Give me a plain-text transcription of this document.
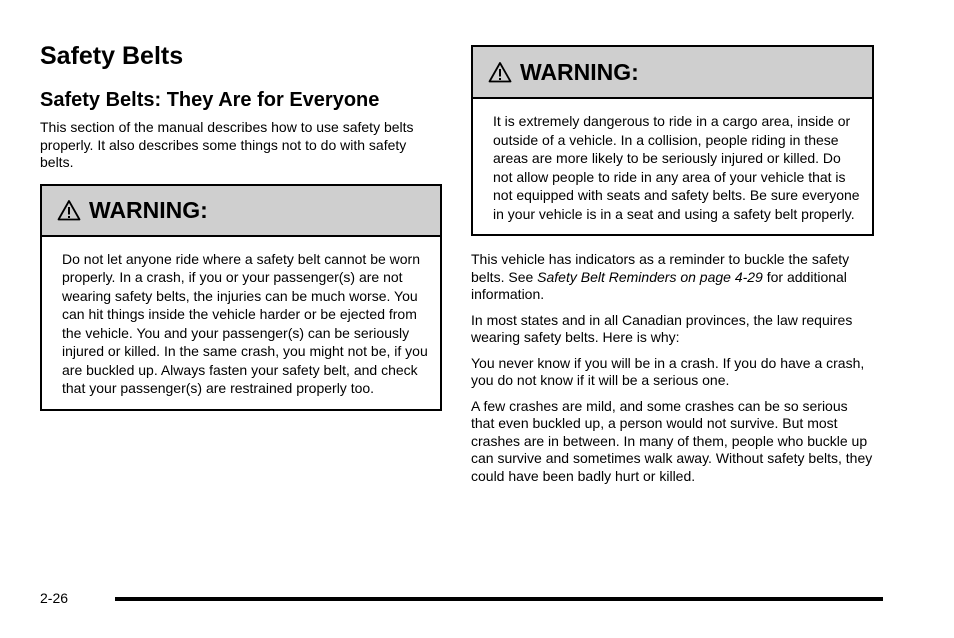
Safety Belts
Safety Belts: They Are for Everyone

This section of the manual describes how to use safety belts properly. It also describes some things not to do with safety belts.

WARNING:
Do not let anyone ride where a safety belt cannot be worn properly. In a crash, if you or your passenger(s) are not wearing safety belts, the injuries can be much worse. You can hit things inside the vehicle harder or be ejected from the vehicle. You and your passenger(s) can be seriously injured or killed. In the same crash, you might not be, if you are buckled up. Always fasten your safety belt, and check that your passenger(s) are restrained properly too.
WARNING:
It is extremely dangerous to ride in a cargo area, inside or outside of a vehicle. In a collision, people riding in these areas are more likely to be seriously injured or killed. Do not allow people to ride in any area of your vehicle that is not equipped with seats and safety belts. Be sure everyone in your vehicle is in a seat and using a safety belt properly.

This vehicle has indicators as a reminder to buckle the safety belts. See Safety Belt Reminders on page 4-29 for additional information.

In most states and in all Canadian provinces, the law requires wearing safety belts. Here is why:

You never know if you will be in a crash. If you do have a crash, you do not know if it will be a serious one.

A few crashes are mild, and some crashes can be so serious that even buckled up, a person would not survive. But most crashes are in between. In many of them, people who buckle up can survive and sometimes walk away. Without safety belts, they could have been badly hurt or killed.

2-26
